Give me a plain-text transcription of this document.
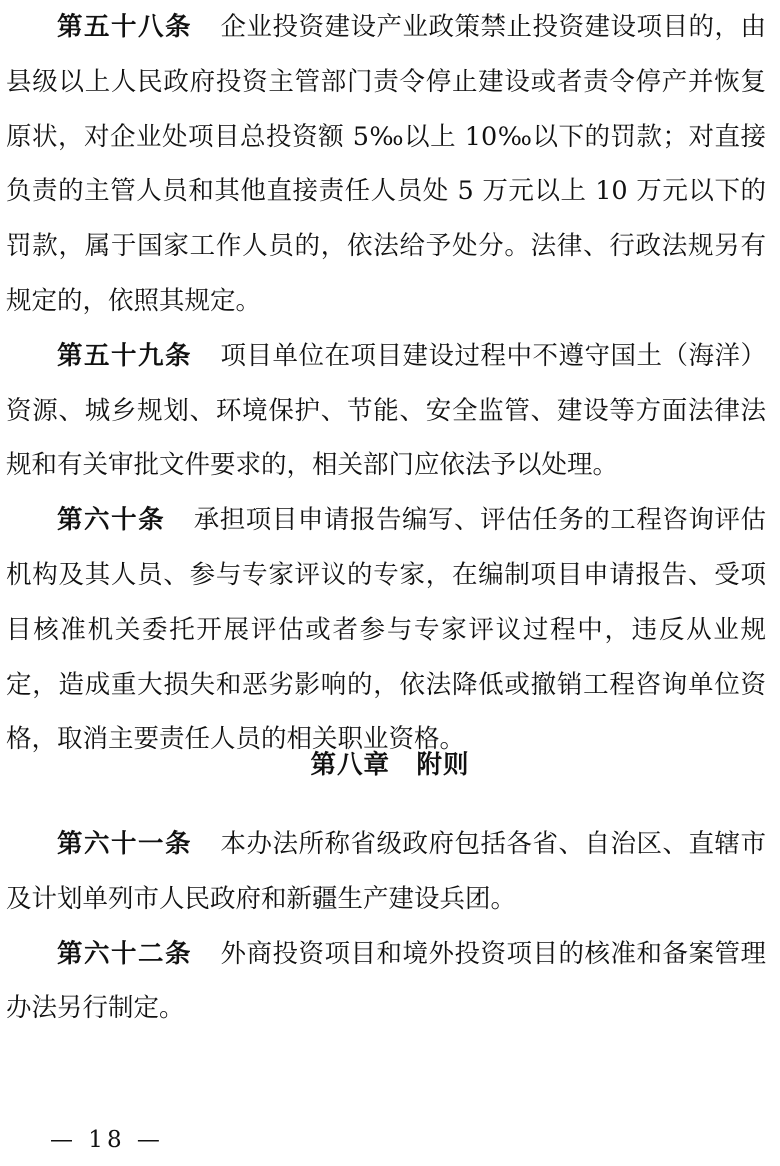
第五十八条 企业投资建设产业政策禁止投资建设项目的，由县级以上人民政府投资主管部门责令停止建设或者责令停产并恢复原状，对企业处项目总投资额 5‰以上 10‰以下的罚款；对直接负责的主管人员和其他直接责任人员处 5 万元以上 10 万元以下的罚款，属于国家工作人员的，依法给予处分。法律、行政法规另有规定的，依照其规定。

第五十九条 项目单位在项目建设过程中不遵守国土（海洋）资源、城乡规划、环境保护、节能、安全监管、建设等方面法律法规和有关审批文件要求的，相关部门应依法予以处理。

第六十条 承担项目申请报告编写、评估任务的工程咨询评估机构及其人员、参与专家评议的专家，在编制项目申请报告、受项目核准机关委托开展评估或者参与专家评议过程中，违反从业规定，造成重大损失和恶劣影响的，依法降低或撤销工程咨询单位资格，取消主要责任人员的相关职业资格。

第八章　附则

第六十一条 本办法所称省级政府包括各省、自治区、直辖市及计划单列市人民政府和新疆生产建设兵团。

第六十二条 外商投资项目和境外投资项目的核准和备案管理办法另行制定。

— 18 —
